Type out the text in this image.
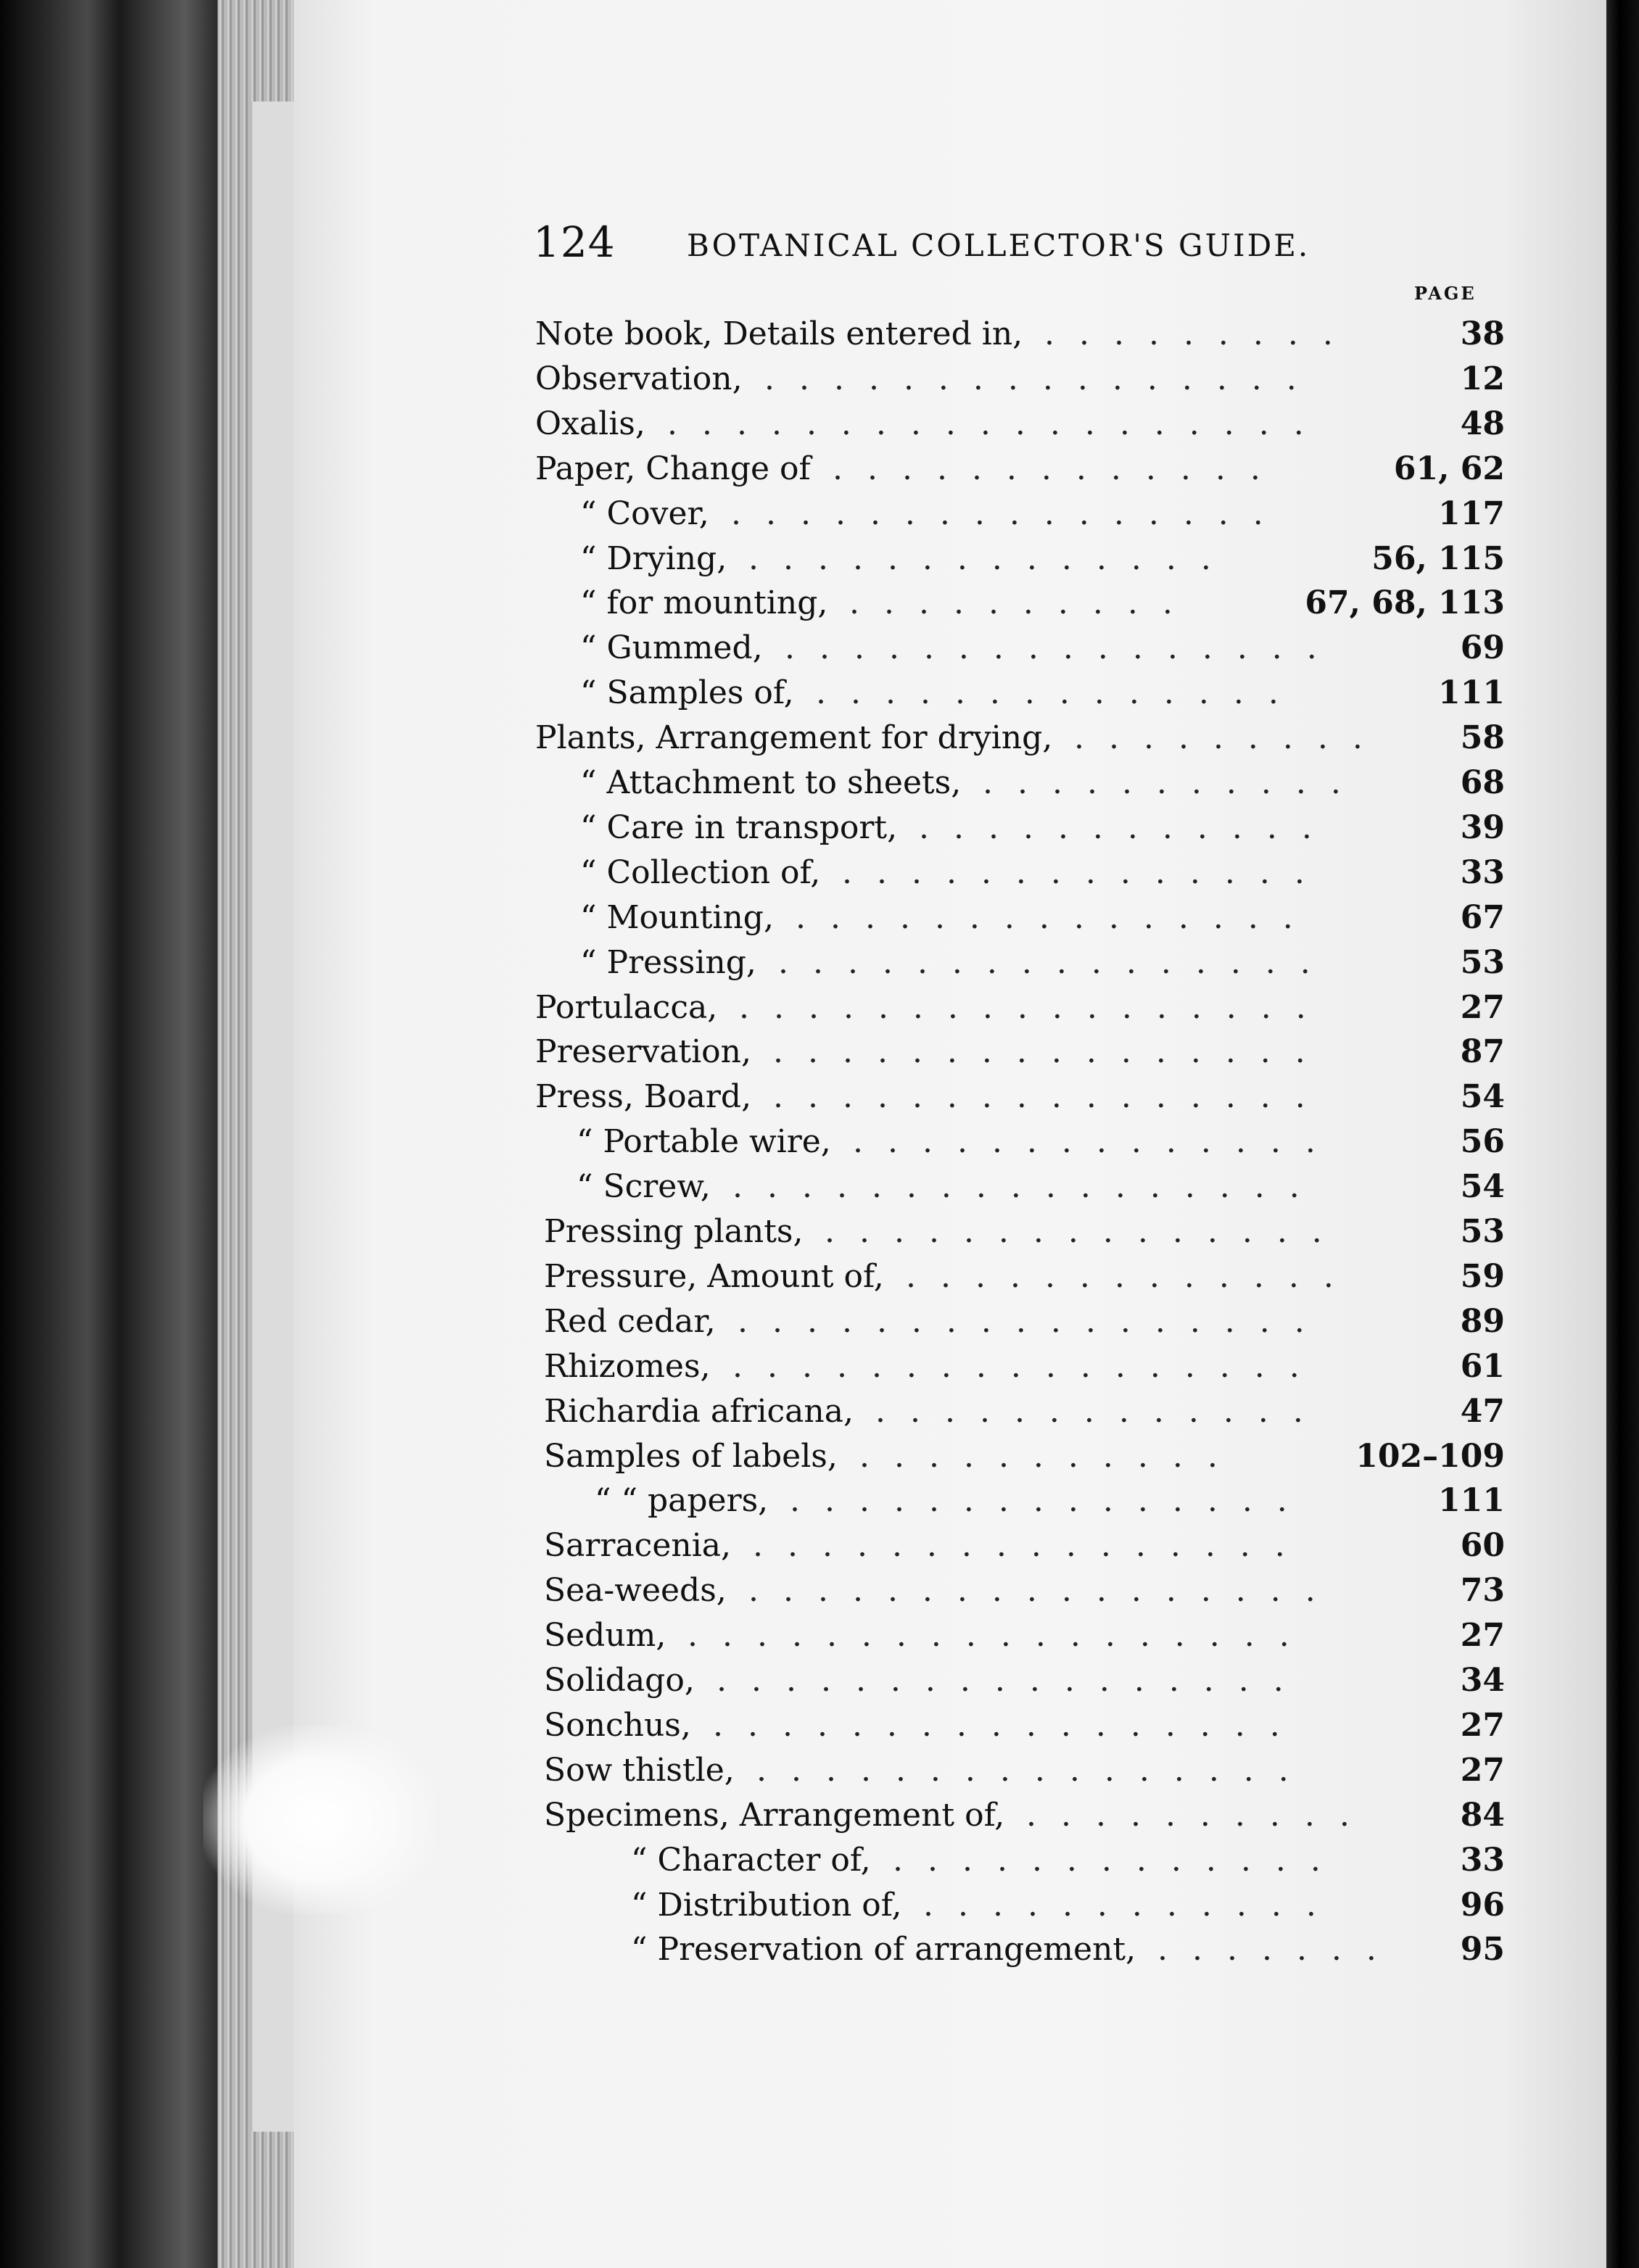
124 BOTANICAL COLLECTOR'S GUIDE.
PAGE
Note book, Details entered in, .........	38
Observation, ................	12
Oxalis, ...................	48
Paper, Change of .............	61, 62
“ Cover, ................	117
“ Drying, ..............	56, 115
“ for mounting, ..........	67, 68, 113
“ Gummed, ................	69
“ Samples of, ..............	111
Plants, Arrangement for drying, ......... 58
“ Attachment to sheets, ...........	68
“ Care in transport, ............	39
“ Collection of, ..............	33
“ Mounting, ...............	67
“ Pressing, ................	53
Portulacca, .................	27
Preservation, ................	87
Press, Board, ................	54
“ Portable wire, ..............	56
“ Screw, .................	54
Pressing plants, ...............	53
Pressure, Amount of, .............	59
Red cedar, .................	89
Rhizomes, .................	61
Richardia africana, .............	47
Samples of labels, ...........	102–109
“ “ papers, ...............	111
Sarracenia, ................	60
Sea-weeds, .................	73
Sedum, ..................	27
Solidago, .................	34
Sonchus, .................	27
Sow thistle, ................	27
Specimens, Arrangement of, ..........	84
“ Character of, .............	33
“ Distribution of, ............	96
“ Preservation of arrangement, ....... 95
